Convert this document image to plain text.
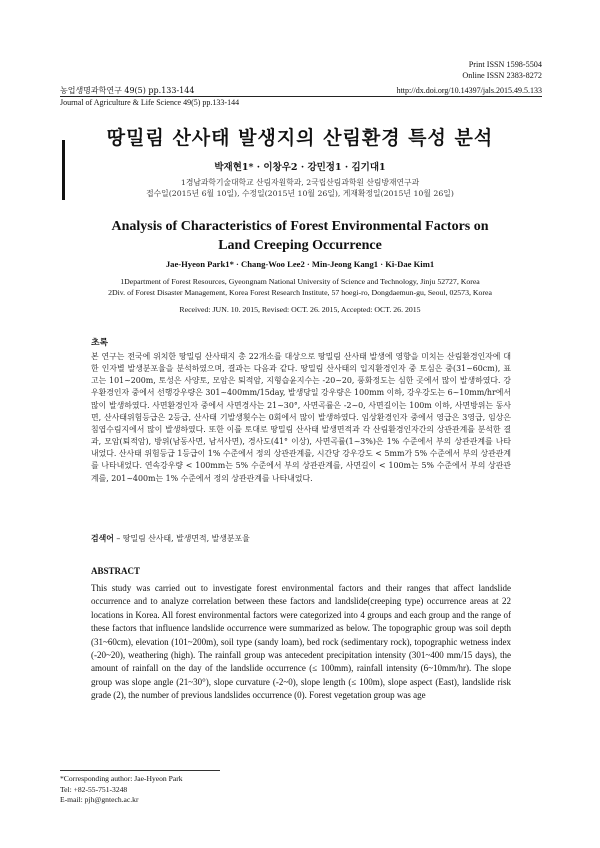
Print ISSN 1598-5504
Online ISSN 2383-8272
농업생명과학연구 49(5) pp.133-144	http://dx.doi.org/10.14397/jals.2015.49.5.133
Journal of Agriculture & Life Science 49(5) pp.133-144
땅밀림 산사태 발생지의 산림환경 특성 분석
박재현1* · 이창우2 · 강민정1 · 김기대1
1경남과학기술대학교 산림자원학과, 2국립산림과학원 산림방재연구과
접수일(2015년 6월 10일), 수정일(2015년 10월 26일), 게재확정일(2015년 10월 26일)
Analysis of Characteristics of Forest Environmental Factors on
Land Creeping Occurrence
Jae-Hyeon Park1* · Chang-Woo Lee2 · Min-Jeong Kang1 · Ki-Dae Kim1
1Department of Forest Resources, Gyeongnam National University of Science and Technology, Jinju 52727, Korea
2Div. of Forest Disaster Management, Korea Forest Research Institute, 57 hoegi-ro, Dongdaemun-gu, Seoul, 02573, Korea
Received: JUN. 10. 2015, Revised: OCT. 26. 2015, Accepted: OCT. 26. 2015
초록
본 연구는 전국에 위치한 땅밀림 산사태지 총 22개소를 대상으로 땅밀림 산사태 발생에 영향을 미치는 산림환경인자에 대한 인자별 발생분포율을 분석하였으며, 결과는 다음과 같다. 땅밀림 산사태의 입지환경인자 중 토심은 중(31~60cm), 표고는 101~200m, 토성은 사양토, 모암은 퇴적암, 지형습윤지수는 -20~20, 풍화정도는 심한 곳에서 많이 발생하였다. 강우환경인자 중에서 선행강우량은 301~400mm/15day, 발생당일 강우량은 100mm 이하, 강우강도는 6~10mm/hr에서 많이 발생하였다. 사면환경인자 중에서 사면경사는 21~30°, 사면곡률은 -2~0, 사면길이는 100m 이하, 사면방위는 동사면, 산사태위험등급은 2등급, 산사태 기발생횟수는 0회에서 많이 발생하였다. 임상환경인자 중에서 영급은 3영급, 임상은 침엽수림지에서 많이 발생하였다. 또한 이를 토대로 땅밀림 산사태 발생면적과 각 산림환경인자간의 상관관계를 분석한 결과, 모암(퇴적암), 방위(남동사면, 남서사면), 경사도(41° 이상), 사면곡률(1~3%)은 1% 수준에서 부의 상관관계를 나타내었다. 산사태 위험등급 1등급이 1% 수준에서 정의 상관관계를, 시간당 강우강도 < 5mm가 5% 수준에서 부의 상관관계를 나타내었다. 연속강우량 < 100mm는 5% 수준에서 부의 상관관계를, 사면길이 < 100m는 5% 수준에서 부의 상관관계를, 201~400m는 1% 수준에서 정의 상관관계를 나타내었다.
검색어 – 땅밀림 산사태, 발생면적, 발생분포율
ABSTRACT
This study was carried out to investigate forest environmental factors and their ranges that affect landslide occurrence and to analyze correlation between these factors and landslide(creeping type) occurrence areas at 22 locations in Korea. All forest environmental factors were categorized into 4 groups and each group and the range of these factors that influence landslide occurrence were summarized as below. The topographic group was soil depth (31~60cm), elevation (101~200m), soil type (sandy loam), bed rock (sedimentary rock), topographic wetness index (-20~20), weathering (high). The rainfall group was antecedent precipitation intensity (301~400 mm/15 days), the amount of rainfall on the day of the landslide occurrence (≤ 100mm), rainfall intensity (6~10mm/hr). The slope group was slope angle (21~30°), slope curvature (-2~0), slope length (≤ 100m), slope aspect (East), landslide risk grade (2), the number of previous landslides occurrence (0). Forest vegetation group was age
*Corresponding author: Jae-Hyeon Park
Tel: +82-55-751-3248
E-mail: pjh@gntech.ac.kr
